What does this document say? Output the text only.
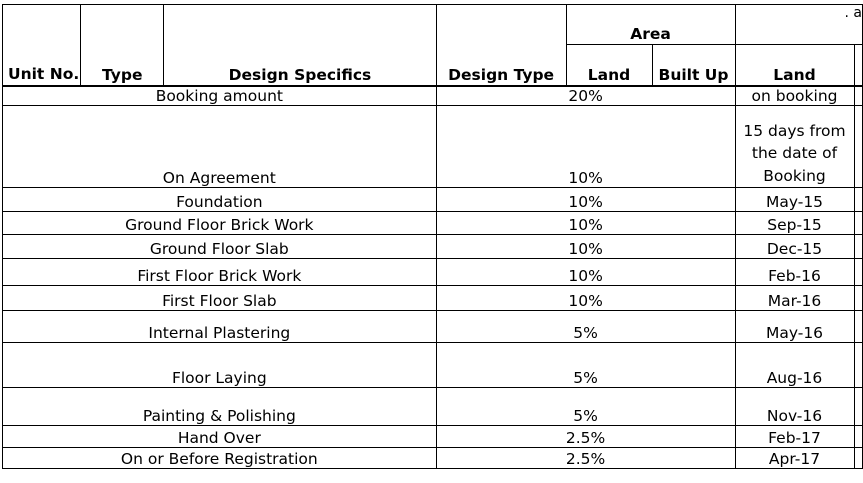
Unit No.	Type	Design Specifics	Design Type	Area		. a	
				Land	Built Up	Land	
Booking amount			20%			on booking	
On Agreement			10%			15 days from the date of Booking	
Foundation			10%			May-15	
Ground Floor Brick Work			10%			Sep-15	
Ground Floor Slab			10%			Dec-15	
First Floor Brick Work			10%			Feb-16	
First Floor Slab			10%			Mar-16	
Internal Plastering			5%			May-16	
Floor Laying			5%			Aug-16	
Painting & Polishing			5%			Nov-16	
Hand Over			2.5%			Feb-17	
On or Before Registration			2.5%			Apr-17	
